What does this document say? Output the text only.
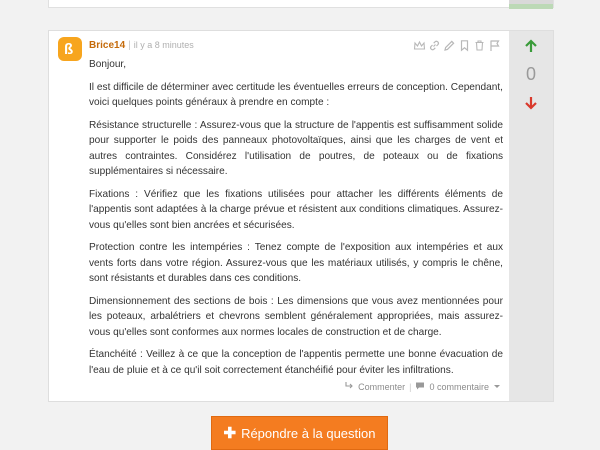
ß Brice14 | il y a 8 minutes

Bonjour,

Il est difficile de déterminer avec certitude les éventuelles erreurs de conception. Cependant, voici quelques points généraux à prendre en compte :

Résistance structurelle : Assurez-vous que la structure de l'appentis est suffisamment solide pour supporter le poids des panneaux photovoltaïques, ainsi que les charges de vent et autres contraintes. Considérez l'utilisation de poutres, de poteaux ou de fixations supplémentaires si nécessaire.

Fixations : Vérifiez que les fixations utilisées pour attacher les différents éléments de l'appentis sont adaptées à la charge prévue et résistent aux conditions climatiques. Assurez-vous qu'elles sont bien ancrées et sécurisées.

Protection contre les intempéries : Tenez compte de l'exposition aux intempéries et aux vents forts dans votre région. Assurez-vous que les matériaux utilisés, y compris le chêne, sont résistants et durables dans ces conditions.

Dimensionnement des sections de bois : Les dimensions que vous avez mentionnées pour les poteaux, arbalétriers et chevrons semblent généralement appropriées, mais assurez-vous qu'elles sont conformes aux normes locales de construction et de charge.

Étanchéité : Veillez à ce que la conception de l'appentis permette une bonne évacuation de l'eau de pluie et à ce qu'il soit correctement étanchéifié pour éviter les infiltrations.

Commenter | 0 commentaire
0
✚ Répondre à la question
